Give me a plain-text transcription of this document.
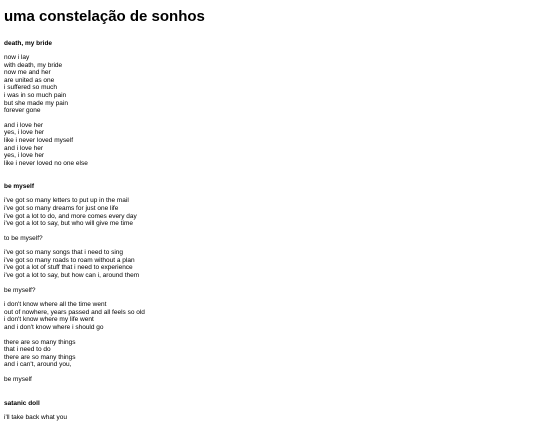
uma constelação de sonhos
death, my bride
now i lay
with death, my bride
now me and her
are united as one
i suffered so much
i was in so much pain
but she made my pain
forever gone
and i love her
yes, i love her
like i never loved myself
and i love her
yes, i love her
like i never loved no one else
be myself
i've got so many letters to put up in the mail
i've got so many dreams for just one life
i've got a lot to do, and more comes every day
i've got a lot to say, but who will give me time
to be myself?
i've got so many songs that i need to sing
i've got so many roads to roam without a plan
i've got a lot of stuff that i need to experience
i've got a lot to say, but how can i, around them
be myself?
i don't know where all the time went
out of nowhere, years passed and all feels so old
i don't know where my life went
and i don't know where i should go
there are so many things
that i need to do
there are so many things
and i can't, around you,
be myself
satanic doll
i'll take back what you
